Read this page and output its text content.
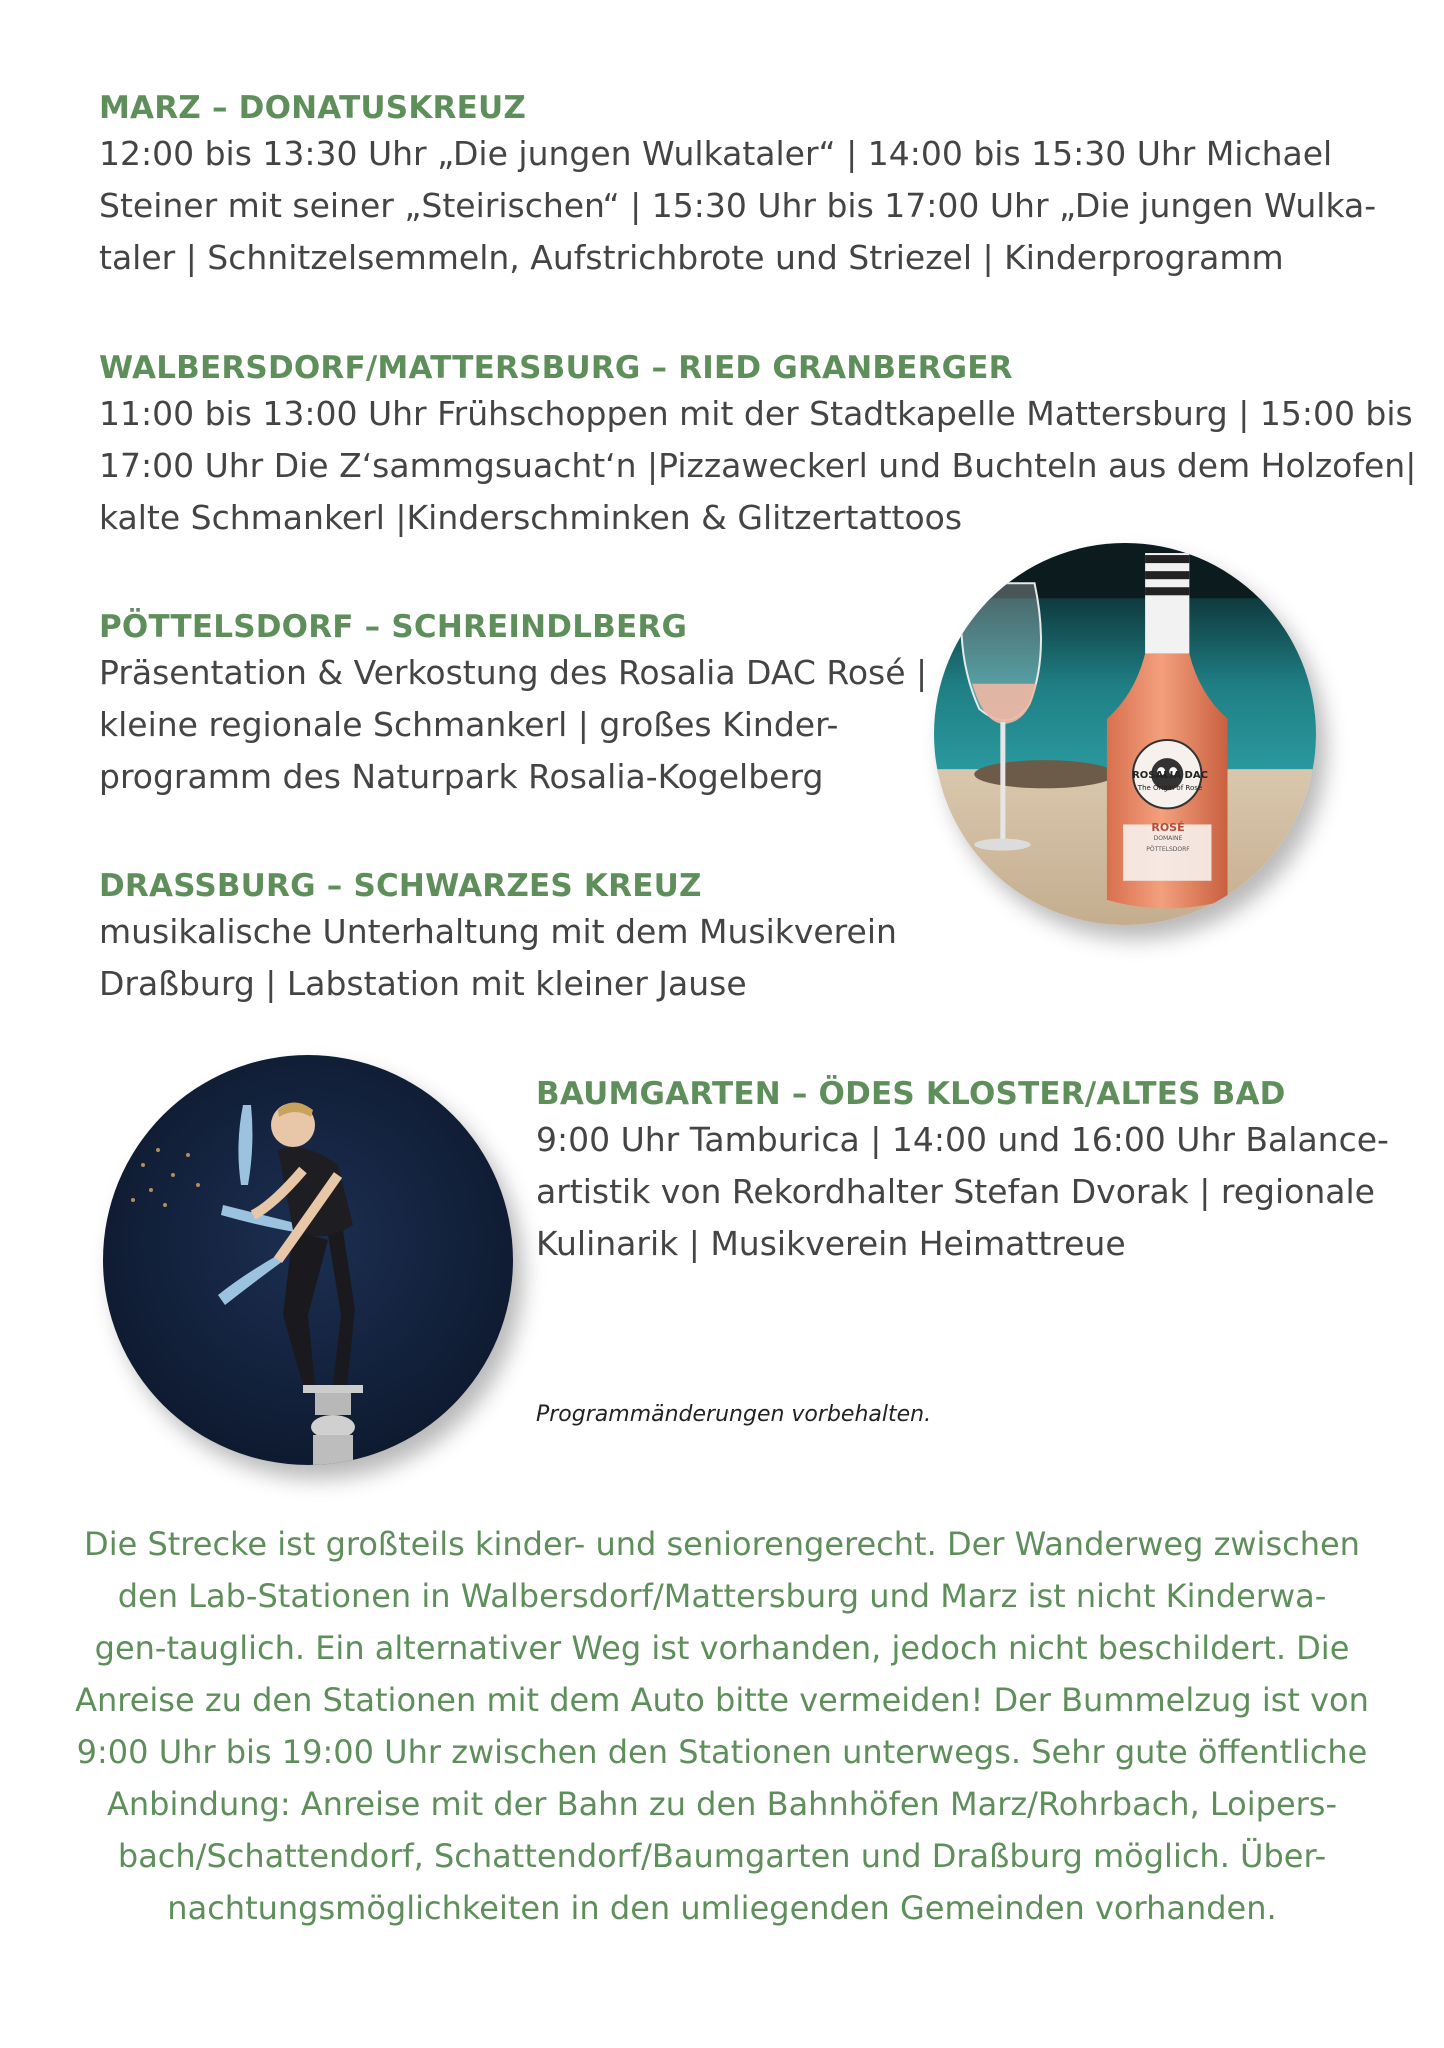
MARZ – DONATUSKREUZ
12:00 bis 13:30 Uhr „Die jungen Wulkataler“ | 14:00 bis 15:30 Uhr Michael
Steiner mit seiner „Steirischen“ | 15:30 Uhr bis 17:00 Uhr „Die jungen Wulka-
taler | Schnitzelsemmeln, Aufstrichbrote und Striezel | Kinderprogramm
WALBERSDORF/MATTERSBURG – RIED GRANBERGER
11:00 bis 13:00 Uhr Frühschoppen mit der Stadtkapelle Mattersburg | 15:00 bis
17:00 Uhr Die Z‘sammgsuacht‘n |Pizzaweckerl und Buchteln aus dem Holzofen|
kalte Schmankerl |Kinderschminken & Glitzertattoos
PÖTTELSDORF – SCHREINDLBERG
Präsentation & Verkostung des Rosalia DAC Rosé |
kleine regionale Schmankerl | großes Kinder-
programm des Naturpark Rosalia-Kogelberg
DRASSBURG – SCHWARZES KREUZ
musikalische Unterhaltung mit dem Musikverein
Draßburg | Labstation mit kleiner Jause
BAUMGARTEN – ÖDES KLOSTER/ALTES BAD
9:00 Uhr Tamburica | 14:00 und 16:00 Uhr Balance-
artistik von Rekordhalter Stefan Dvorak | regionale
Kulinarik | Musikverein Heimattreue
Programmänderungen vorbehalten.
Die Strecke ist großteils kinder- und seniorengerecht. Der Wanderweg zwischen
den Lab-Stationen in Walbersdorf/Mattersburg und Marz ist nicht Kinderwa-
gen-tauglich. Ein alternativer Weg ist vorhanden, jedoch nicht beschildert. Die
Anreise zu den Stationen mit dem Auto bitte vermeiden! Der Bummelzug ist von
9:00 Uhr bis 19:00 Uhr zwischen den Stationen unterwegs. Sehr gute öffentliche
Anbindung: Anreise mit der Bahn zu den Bahnhöfen Marz/Rohrbach, Loipers-
bach/Schattendorf, Schattendorf/Baumgarten und Draßburg möglich. Über-
nachtungsmöglichkeiten in den umliegenden Gemeinden vorhanden.
ROSALIA DAC
The Origin of Rosé
ROSÉ
DOMAINE
PÖTTELSDORF
